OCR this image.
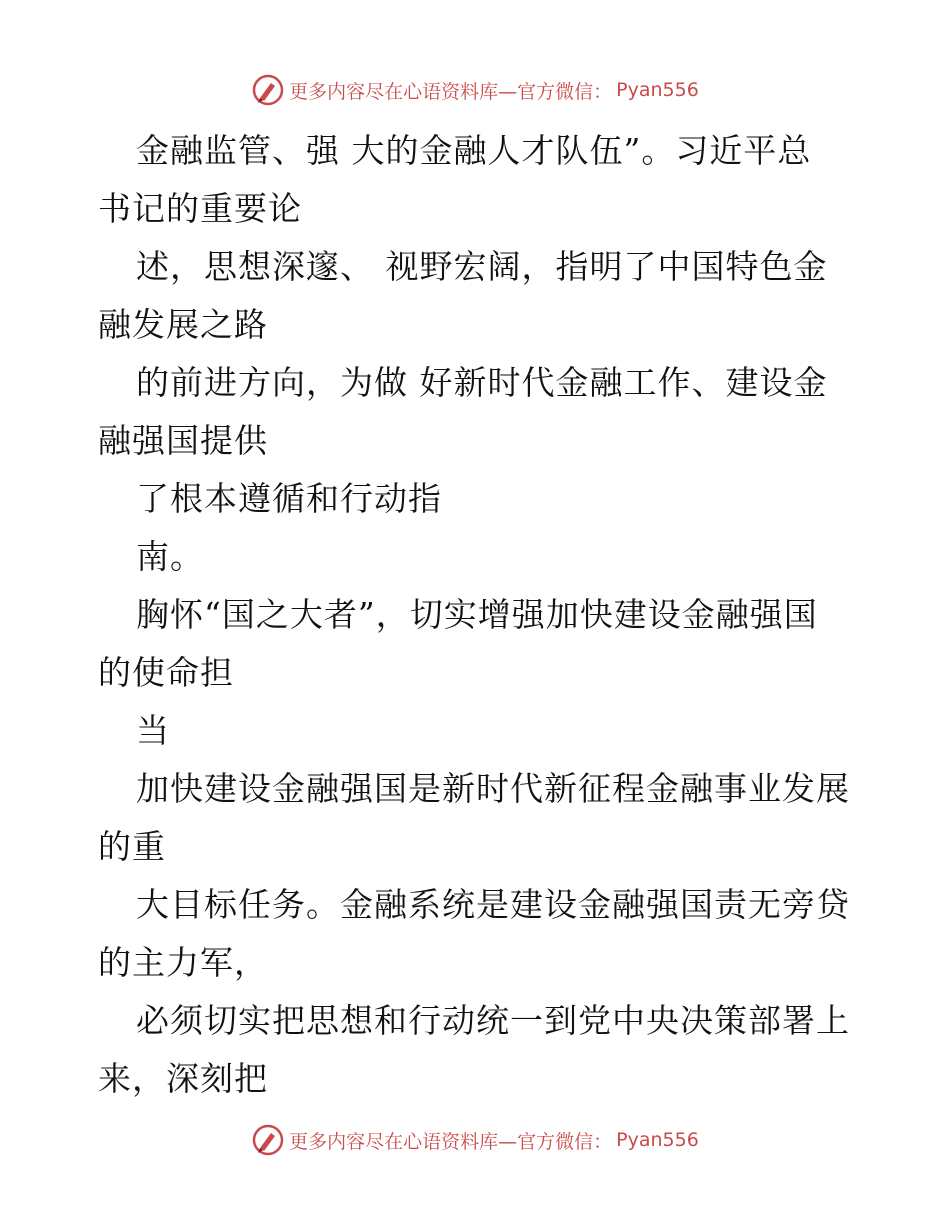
更多内容尽在心语资料库—官方微信： Pyan556
金融监管、强 大的金融人才队伍”。习近平总
书记的重要论
述，思想深邃、 视野宏阔，指明了中国特色金
融发展之路
的前进方向，为做 好新时代金融工作、建设金
融强国提供
了根本遵循和行动指
南。
胸怀“国之大者”，切实增强加快建设金融强国
的使命担
当
加快建设金融强国是新时代新征程金融事业发展
的重
大目标任务。金融系统是建设金融强国责无旁贷
的主力军，
必须切实把思想和行动统一到党中央决策部署上
来，深刻把
更多内容尽在心语资料库—官方微信： Pyan556
